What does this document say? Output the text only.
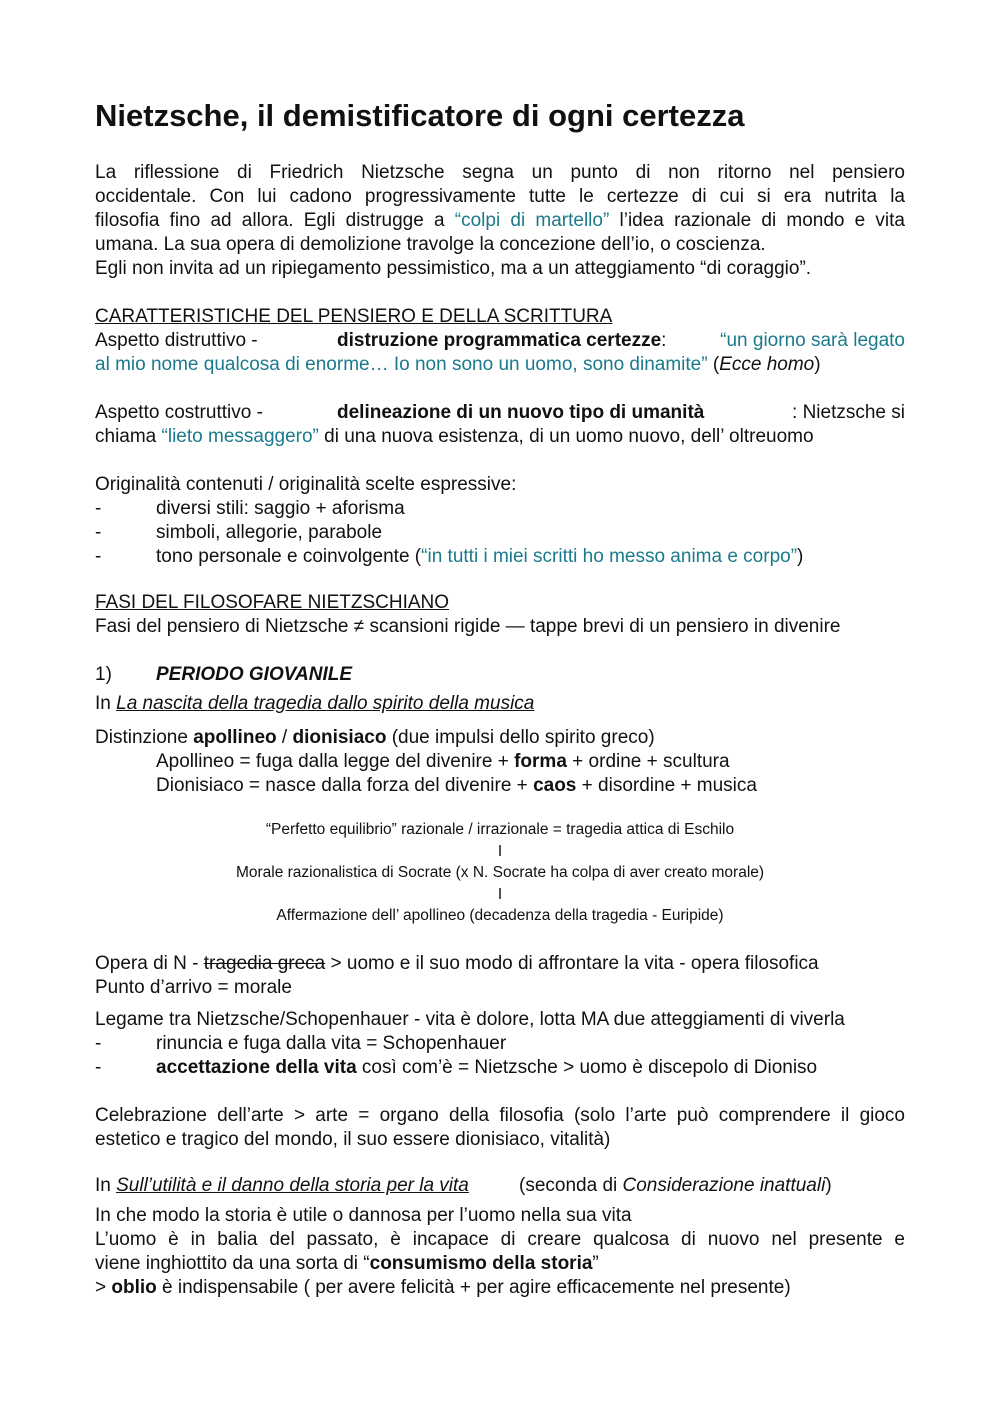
Nietzsche, il demistificatore di ogni certezza
La riflessione di Friedrich Nietzsche segna un punto di non ritorno nel pensiero
occidentale. Con lui cadono progressivamente tutte le certezze di cui si era nutrita la
filosofia fino ad allora. Egli distrugge a “colpi di martello” l’idea razionale di mondo e vita
umana. La sua opera di demolizione travolge la concezione dell’io, o coscienza.
Egli non invita ad un ripiegamento pessimistico, ma a un atteggiamento “di coraggio”.
CARATTERISTICHE DEL PENSIERO E DELLA SCRITTURA
Aspetto distruttivo -	distruzione programmatica certezze:	“un giorno sarà legato
al mio nome qualcosa di enorme… Io non sono un uomo, sono dinamite” (Ecce homo)
Aspetto costruttivo -	delineazione di un nuovo tipo di umanità	: Nietzsche si
chiama “lieto messaggero” di una nuova esistenza, di un uomo nuovo, dell’ oltreuomo
Originalità contenuti / originalità scelte espressive:
-	diversi stili: saggio + aforisma
-	simboli, allegorie, parabole
-	tono personale e coinvolgente (“in tutti i miei scritti ho messo anima e corpo”)
FASI DEL FILOSOFARE NIETZSCHIANO
Fasi del pensiero di Nietzsche ≠ scansioni rigide — tappe brevi di un pensiero in divenire
1) PERIODO GIOVANILE
In La nascita della tragedia dallo spirito della musica
Distinzione apollineo / dionisiaco (due impulsi dello spirito greco)
Apollineo = fuga dalla legge del divenire + forma + ordine + scultura
Dionisiaco = nasce dalla forza del divenire + caos + disordine + musica
“Perfetto equilibrio” razionale / irrazionale = tragedia attica di Eschilo
I
Morale razionalistica di Socrate (x N. Socrate ha colpa di aver creato morale)
I
Affermazione dell’ apollineo (decadenza della tragedia - Euripide)
Opera di N - tragedia greca > uomo e il suo modo di affrontare la vita - opera filosofica
Punto d’arrivo = morale
Legame tra Nietzsche/Schopenhauer - vita è dolore, lotta MA due atteggiamenti di viverla
-	rinuncia e fuga dalla vita = Schopenhauer
-	accettazione della vita così com’è = Nietzsche > uomo è discepolo di Dioniso
Celebrazione dell’arte > arte = organo della filosofia (solo l’arte può comprendere il gioco
estetico e tragico del mondo, il suo essere dionisiaco, vitalità)
In Sull’utilità e il danno della storia per la vita	(seconda di Considerazione inattuali)
In che modo la storia è utile o dannosa per l’uomo nella sua vita
L’uomo è in balia del passato, è incapace di creare qualcosa di nuovo nel presente e
viene inghiottito da una sorta di “consumismo della storia”
> oblio è indispensabile ( per avere felicità + per agire efficacemente nel presente)
